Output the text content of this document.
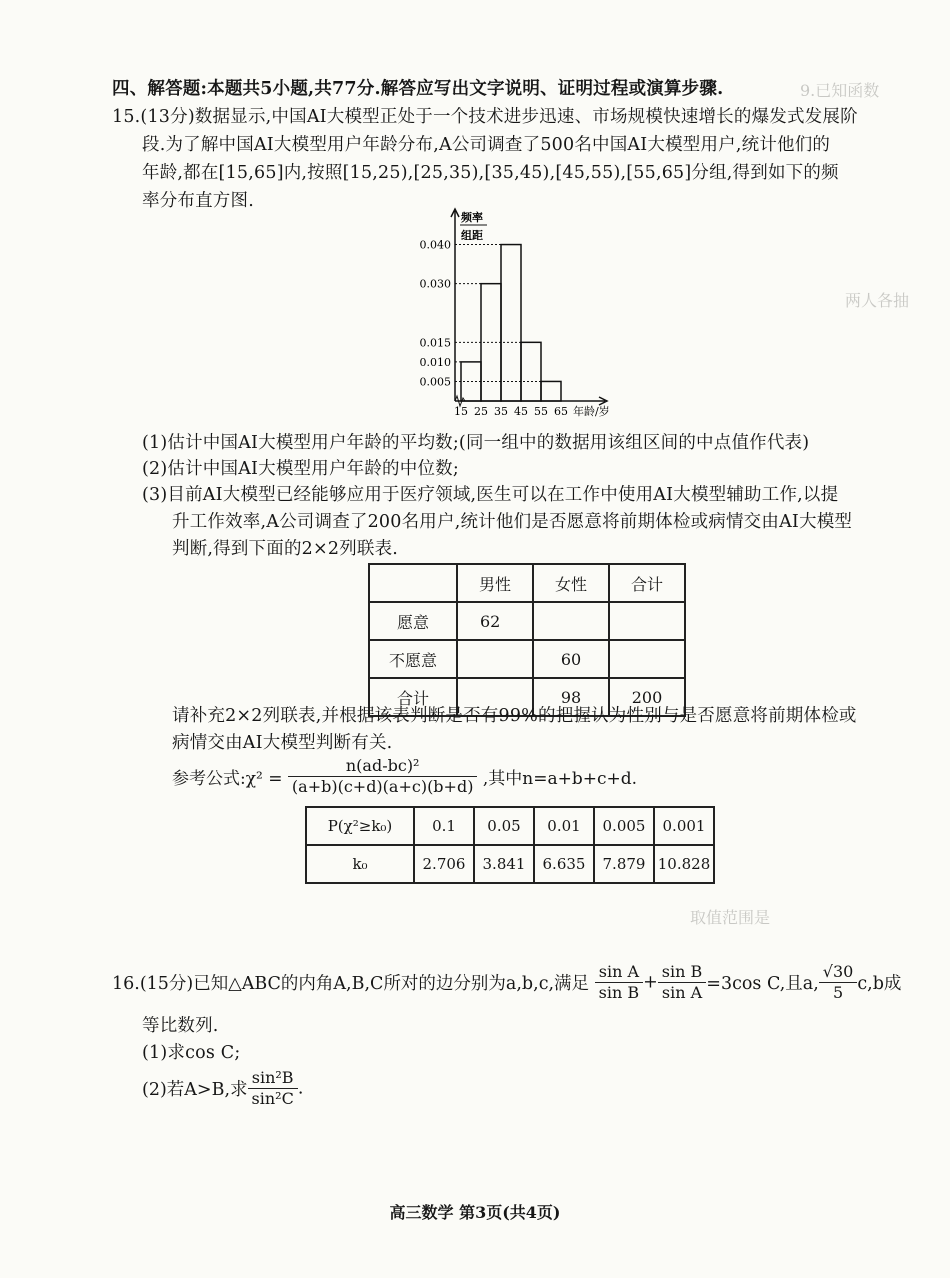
9.已知函数
两人各抽
取值范围是
四、解答题:本题共5小题,共77分.解答应写出文字说明、证明过程或演算步骤.
15.(13分)数据显示,中国AI大模型正处于一个技术进步迅速、市场规模快速增长的爆发式发展阶
段.为了解中国AI大模型用户年龄分布,A公司调查了500名中国AI大模型用户,统计他们的
年龄,都在[15,65]内,按照[15,25),[25,35),[35,45),[45,55),[55,65]分组,得到如下的频
率分布直方图.
频率
组距
0.040
0.030
0.015
0.010
0.005
15 25 35 45 55 65 年龄/岁
(1)估计中国AI大模型用户年龄的平均数;(同一组中的数据用该组区间的中点值作代表)
(2)估计中国AI大模型用户年龄的中位数;
(3)目前AI大模型已经能够应用于医疗领域,医生可以在工作中使用AI大模型辅助工作,以提
升工作效率,A公司调查了200名用户,统计他们是否愿意将前期体检或病情交由AI大模型
判断,得到下面的2×2列联表.
	男性	女性	合计
愿意	62		
不愿意		60	
合计		98	200
请补充2×2列联表,并根据该表判断是否有99%的把握认为性别与是否愿意将前期体检或
病情交由AI大模型判断有关.
参考公式:χ² = $\frac{\text{n(ad-bc)²}}{(a+b)(c+d)(a+c)(b+d)}$ ,其中n=a+b+c+d.
P(χ²≥k₀)	0.1	0.05	0.01	0.005	0.001
k₀	2.706	3.841	6.635	7.879	10.828
16.(15分)已知△ABC的内角A,B,C所对的边分别为a,b,c,满足 $\frac{\text{sin A}}{\text{sin B}} + \frac{\text{sin B}}{\text{sin A}} =3\cos$ C,且a, $\frac{√30}{5} c,b$成
等比数列.
(1)求cos C;
(2)若A>B,求 $\frac{\text{sin²B}}{\text{sin²C}}$ .
高三数学 第3页(共4页)
